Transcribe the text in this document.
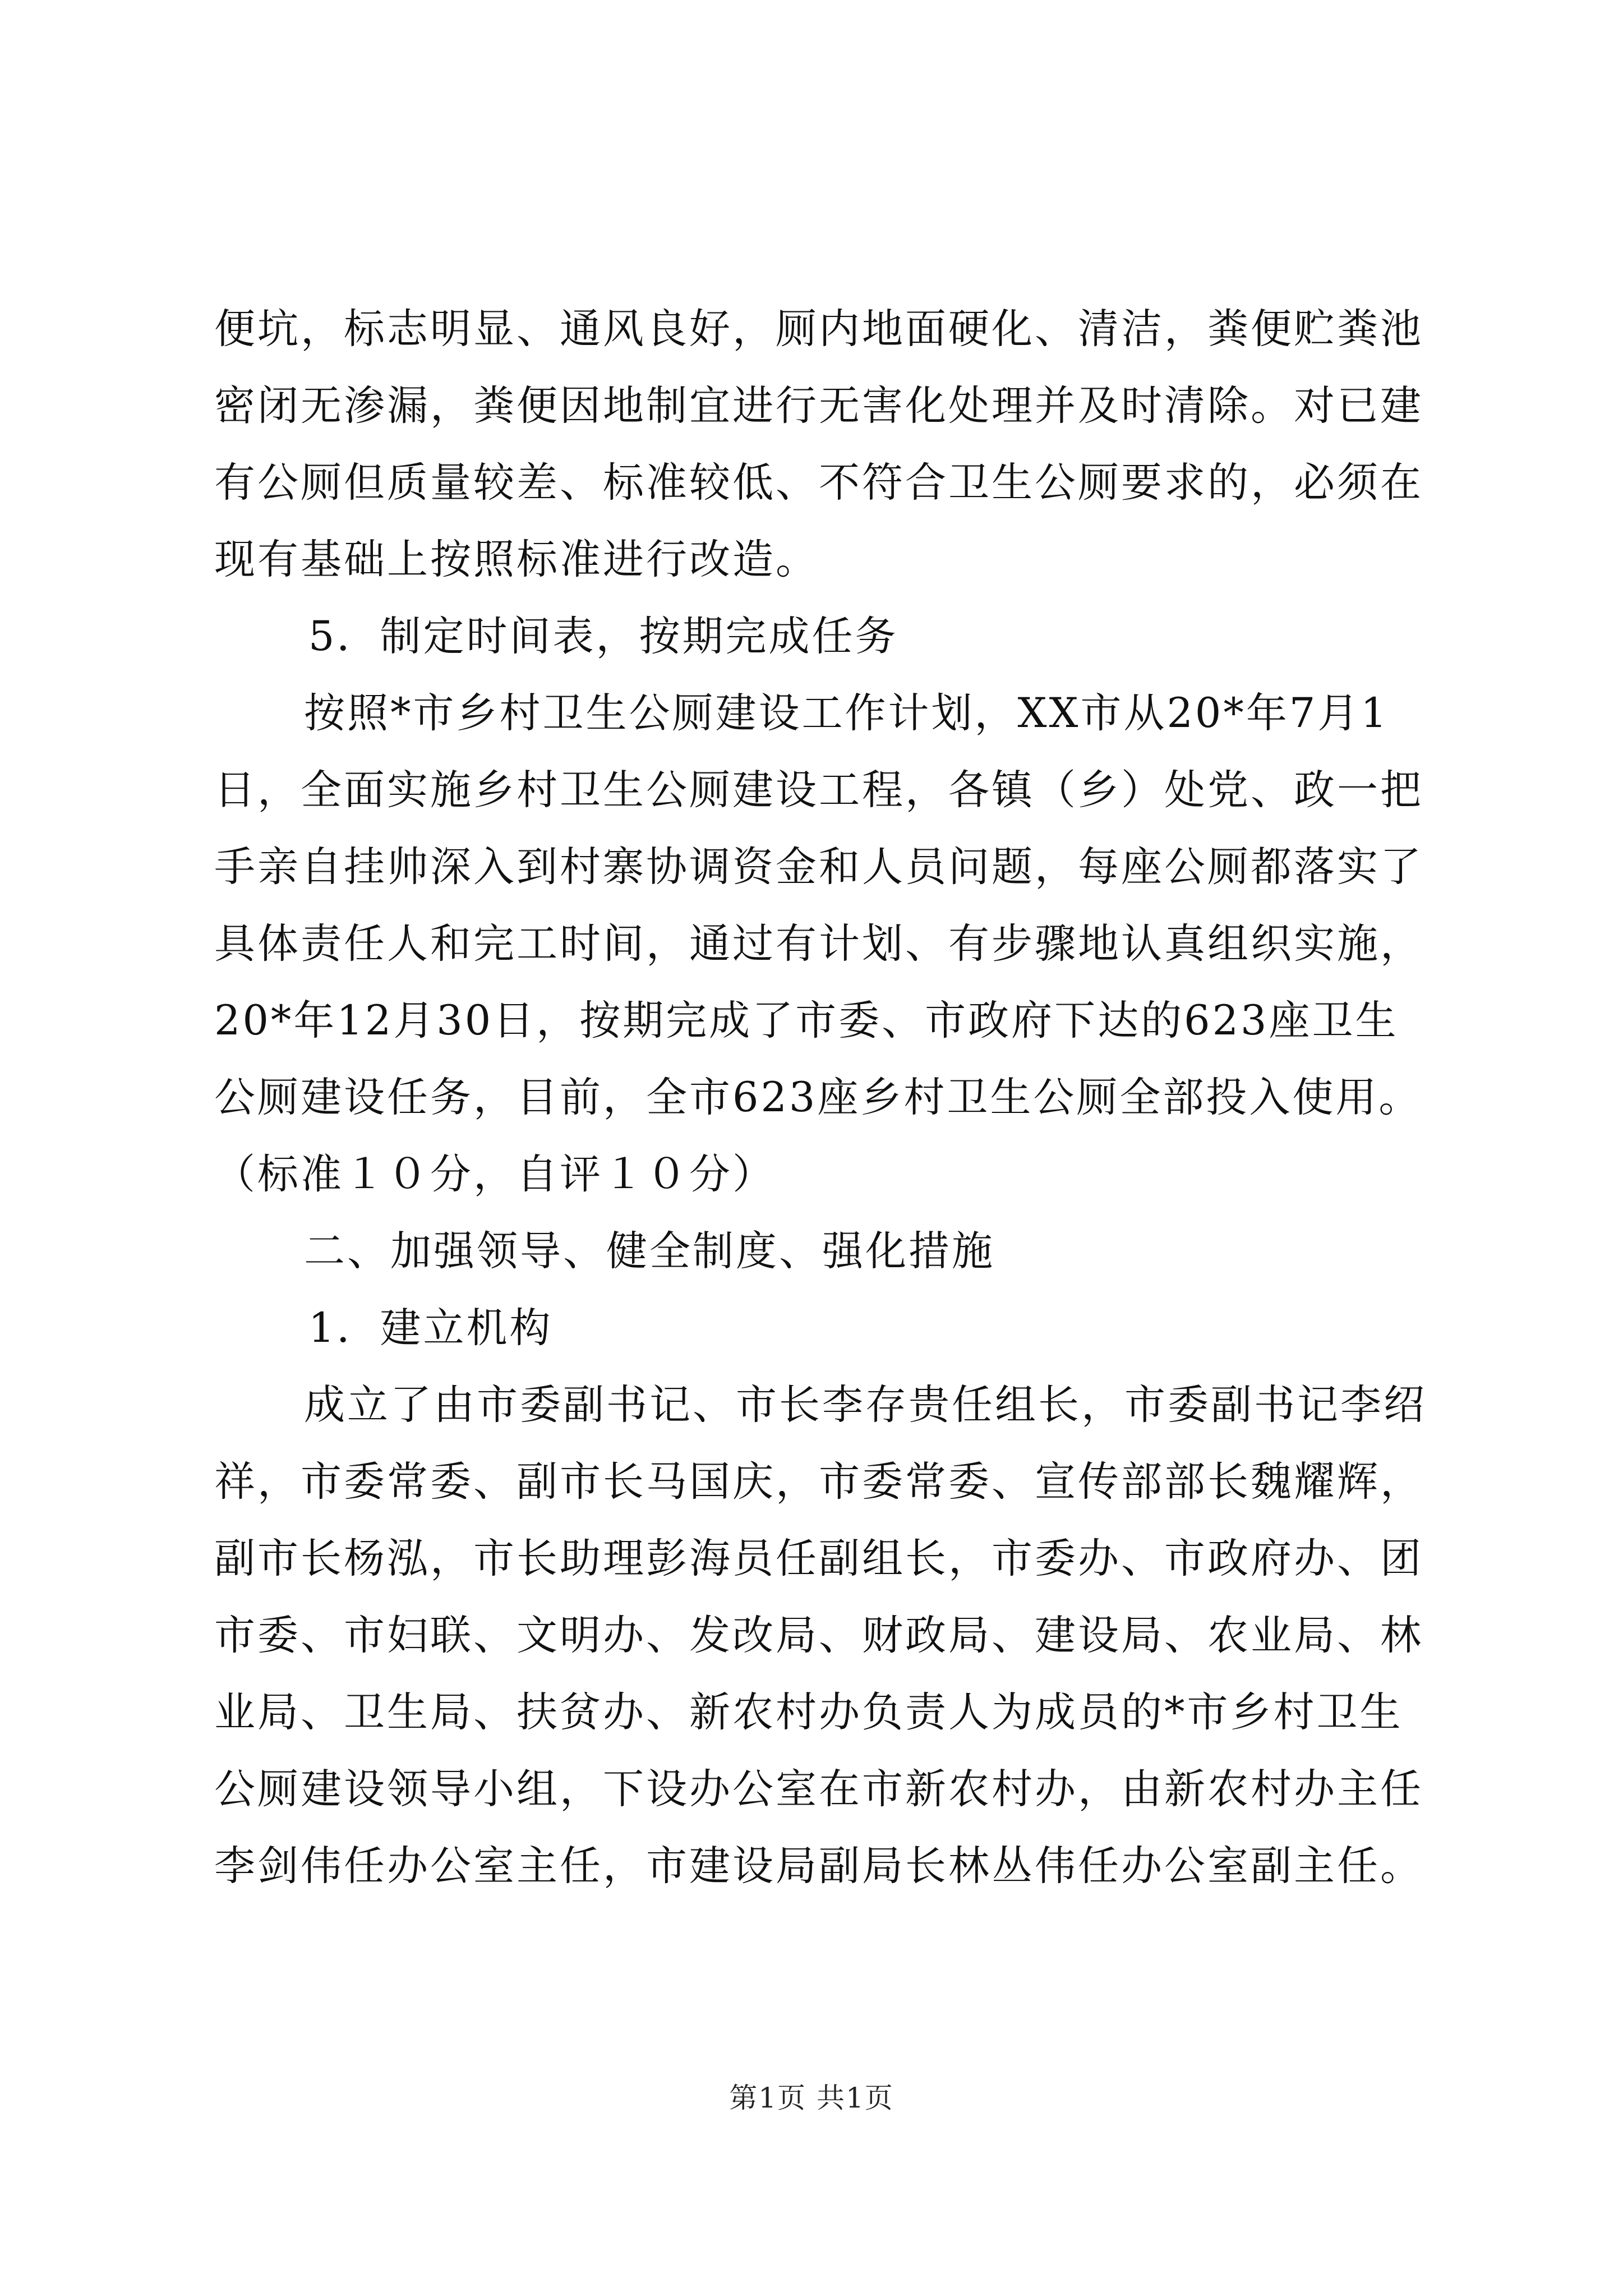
便坑，标志明显、通风良好，厕内地面硬化、清洁，粪便贮粪池
密闭无渗漏，粪便因地制宜进行无害化处理并及时清除。对已建
有公厕但质量较差、标准较低、不符合卫生公厕要求的，必须在
现有基础上按照标准进行改造。
5．制定时间表，按期完成任务
按照*市乡村卫生公厕建设工作计划，XX市从20*年7月1
日，全面实施乡村卫生公厕建设工程，各镇（乡）处党、政一把
手亲自挂帅深入到村寨协调资金和人员问题，每座公厕都落实了
具体责任人和完工时间，通过有计划、有步骤地认真组织实施，
20*年12月30日，按期完成了市委、市政府下达的623座卫生
公厕建设任务，目前，全市623座乡村卫生公厕全部投入使用。
（标准１０分，自评１０分）
二、加强领导、健全制度、强化措施
1．建立机构
成立了由市委副书记、市长李存贵任组长，市委副书记李绍
祥，市委常委、副市长马国庆，市委常委、宣传部部长魏耀辉，
副市长杨泓，市长助理彭海员任副组长，市委办、市政府办、团
市委、市妇联、文明办、发改局、财政局、建设局、农业局、林
业局、卫生局、扶贫办、新农村办负责人为成员的*市乡村卫生
公厕建设领导小组，下设办公室在市新农村办，由新农村办主任
李剑伟任办公室主任，市建设局副局长林丛伟任办公室副主任。
第1页 共1页
